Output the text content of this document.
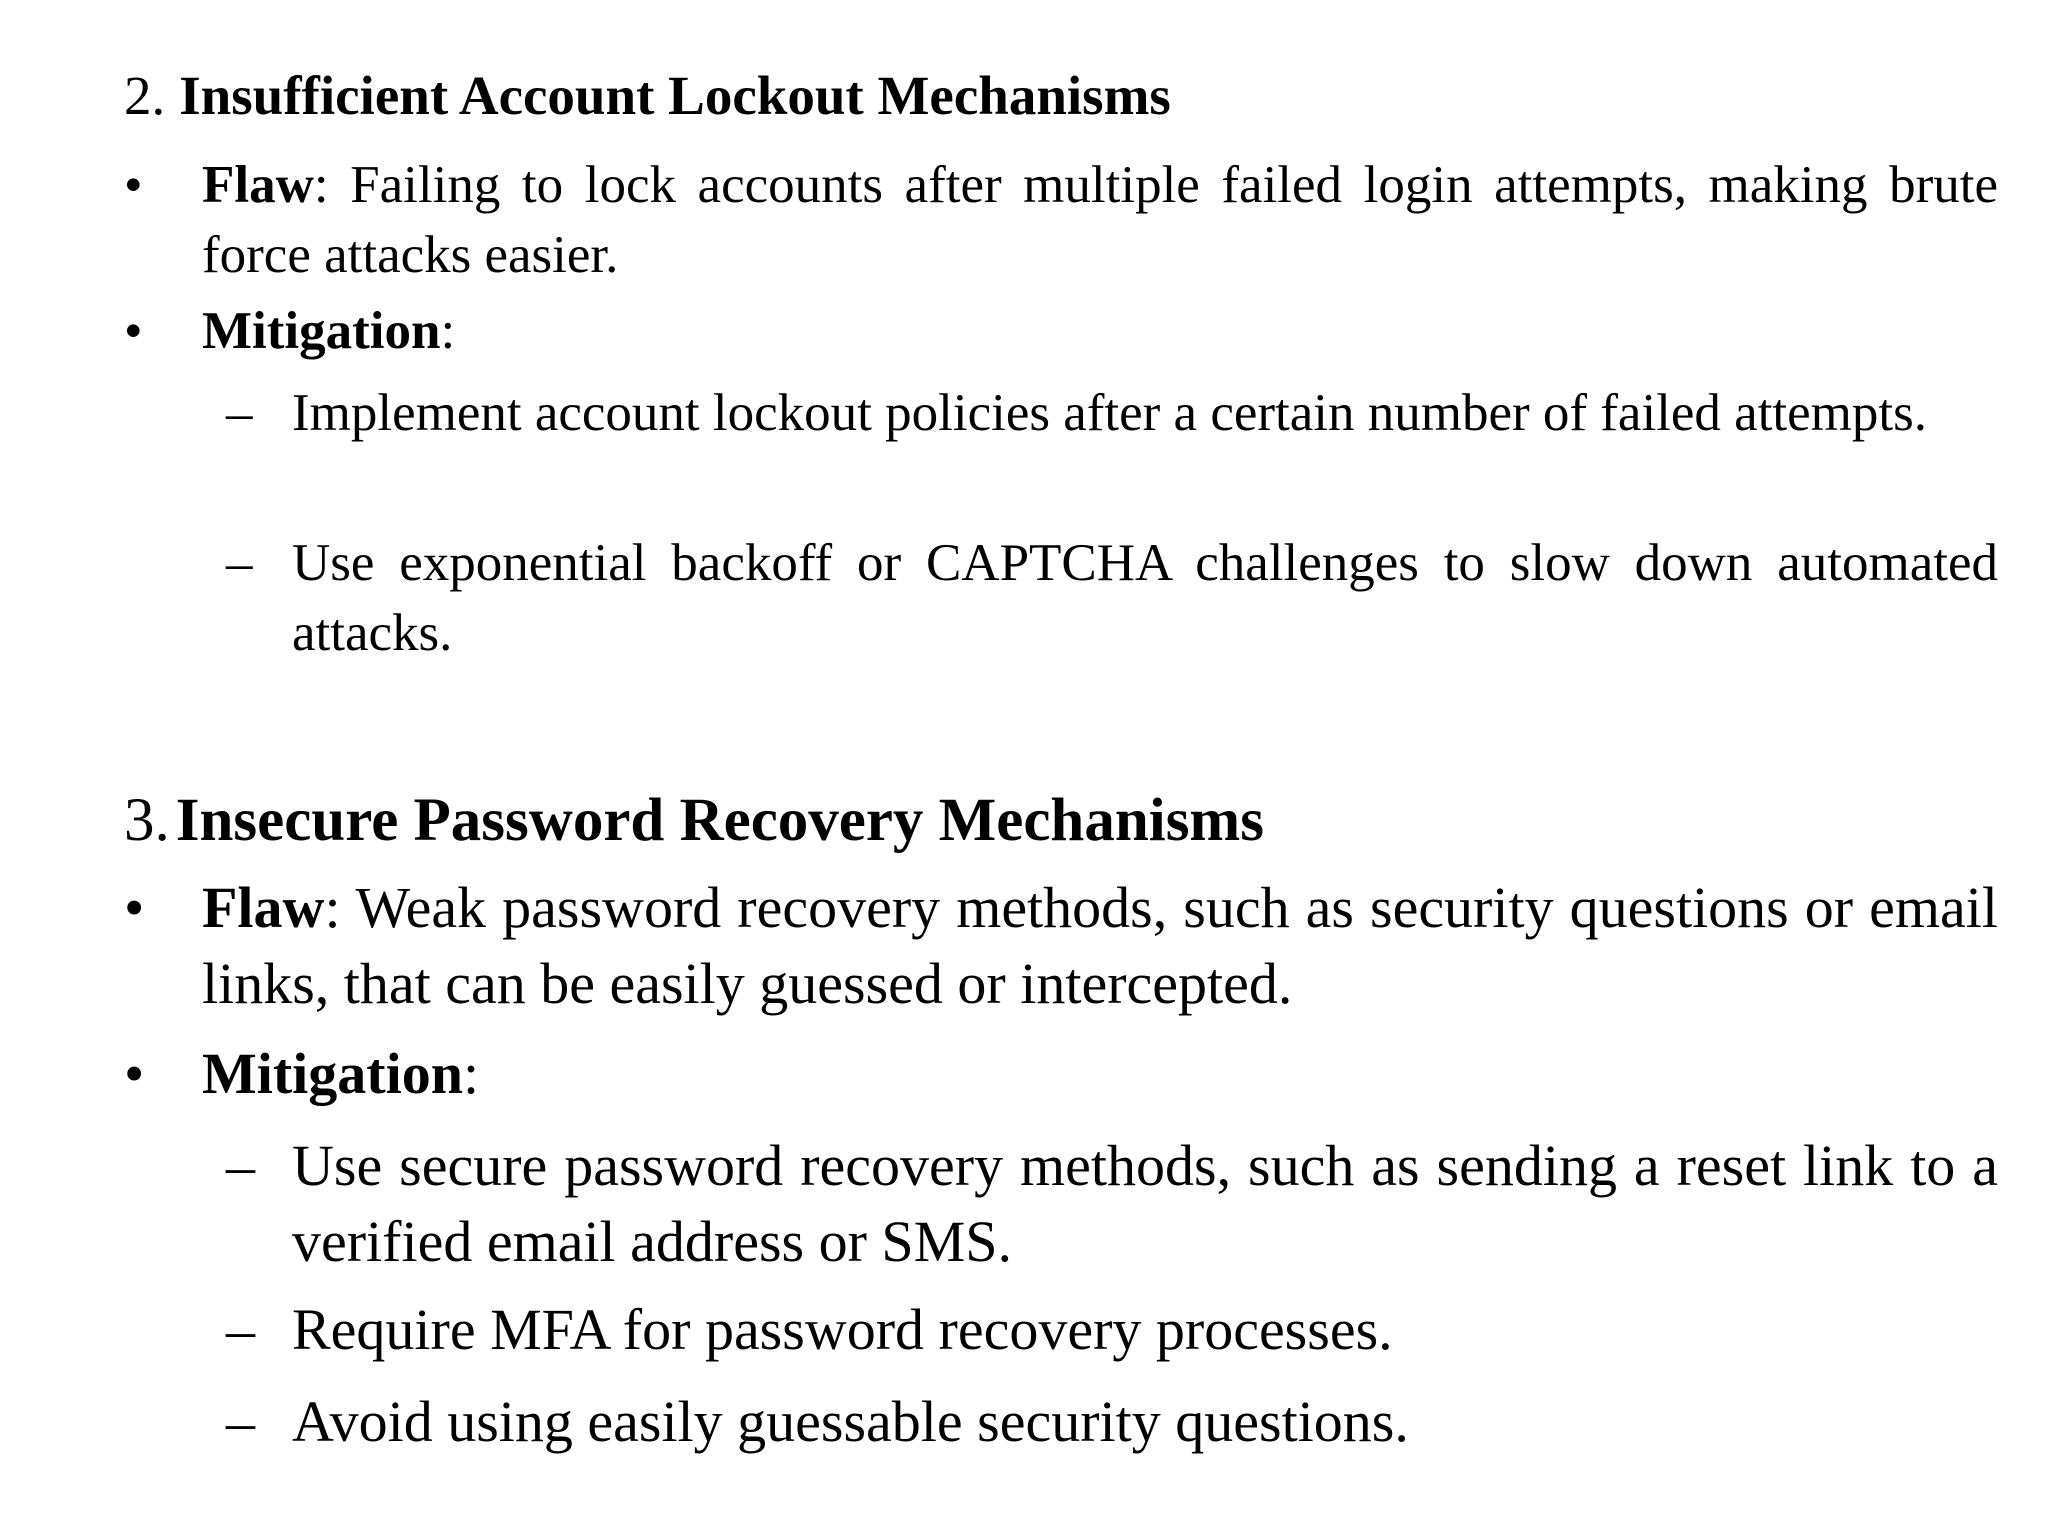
2. Insufficient Account Lockout Mechanisms
• Flaw: Failing to lock accounts after multiple failed login attempts, making brute force attacks easier.
• Mitigation:
– Implement account lockout policies after a certain number of failed attempts.
– Use exponential backoff or CAPTCHA challenges to slow down automated attacks.
3.Insecure Password Recovery Mechanisms
• Flaw: Weak password recovery methods, such as security questions or email links, that can be easily guessed or intercepted.
• Mitigation:
– Use secure password recovery methods, such as sending a reset link to a verified email address or SMS.
– Require MFA for password recovery processes.
– Avoid using easily guessable security questions.
